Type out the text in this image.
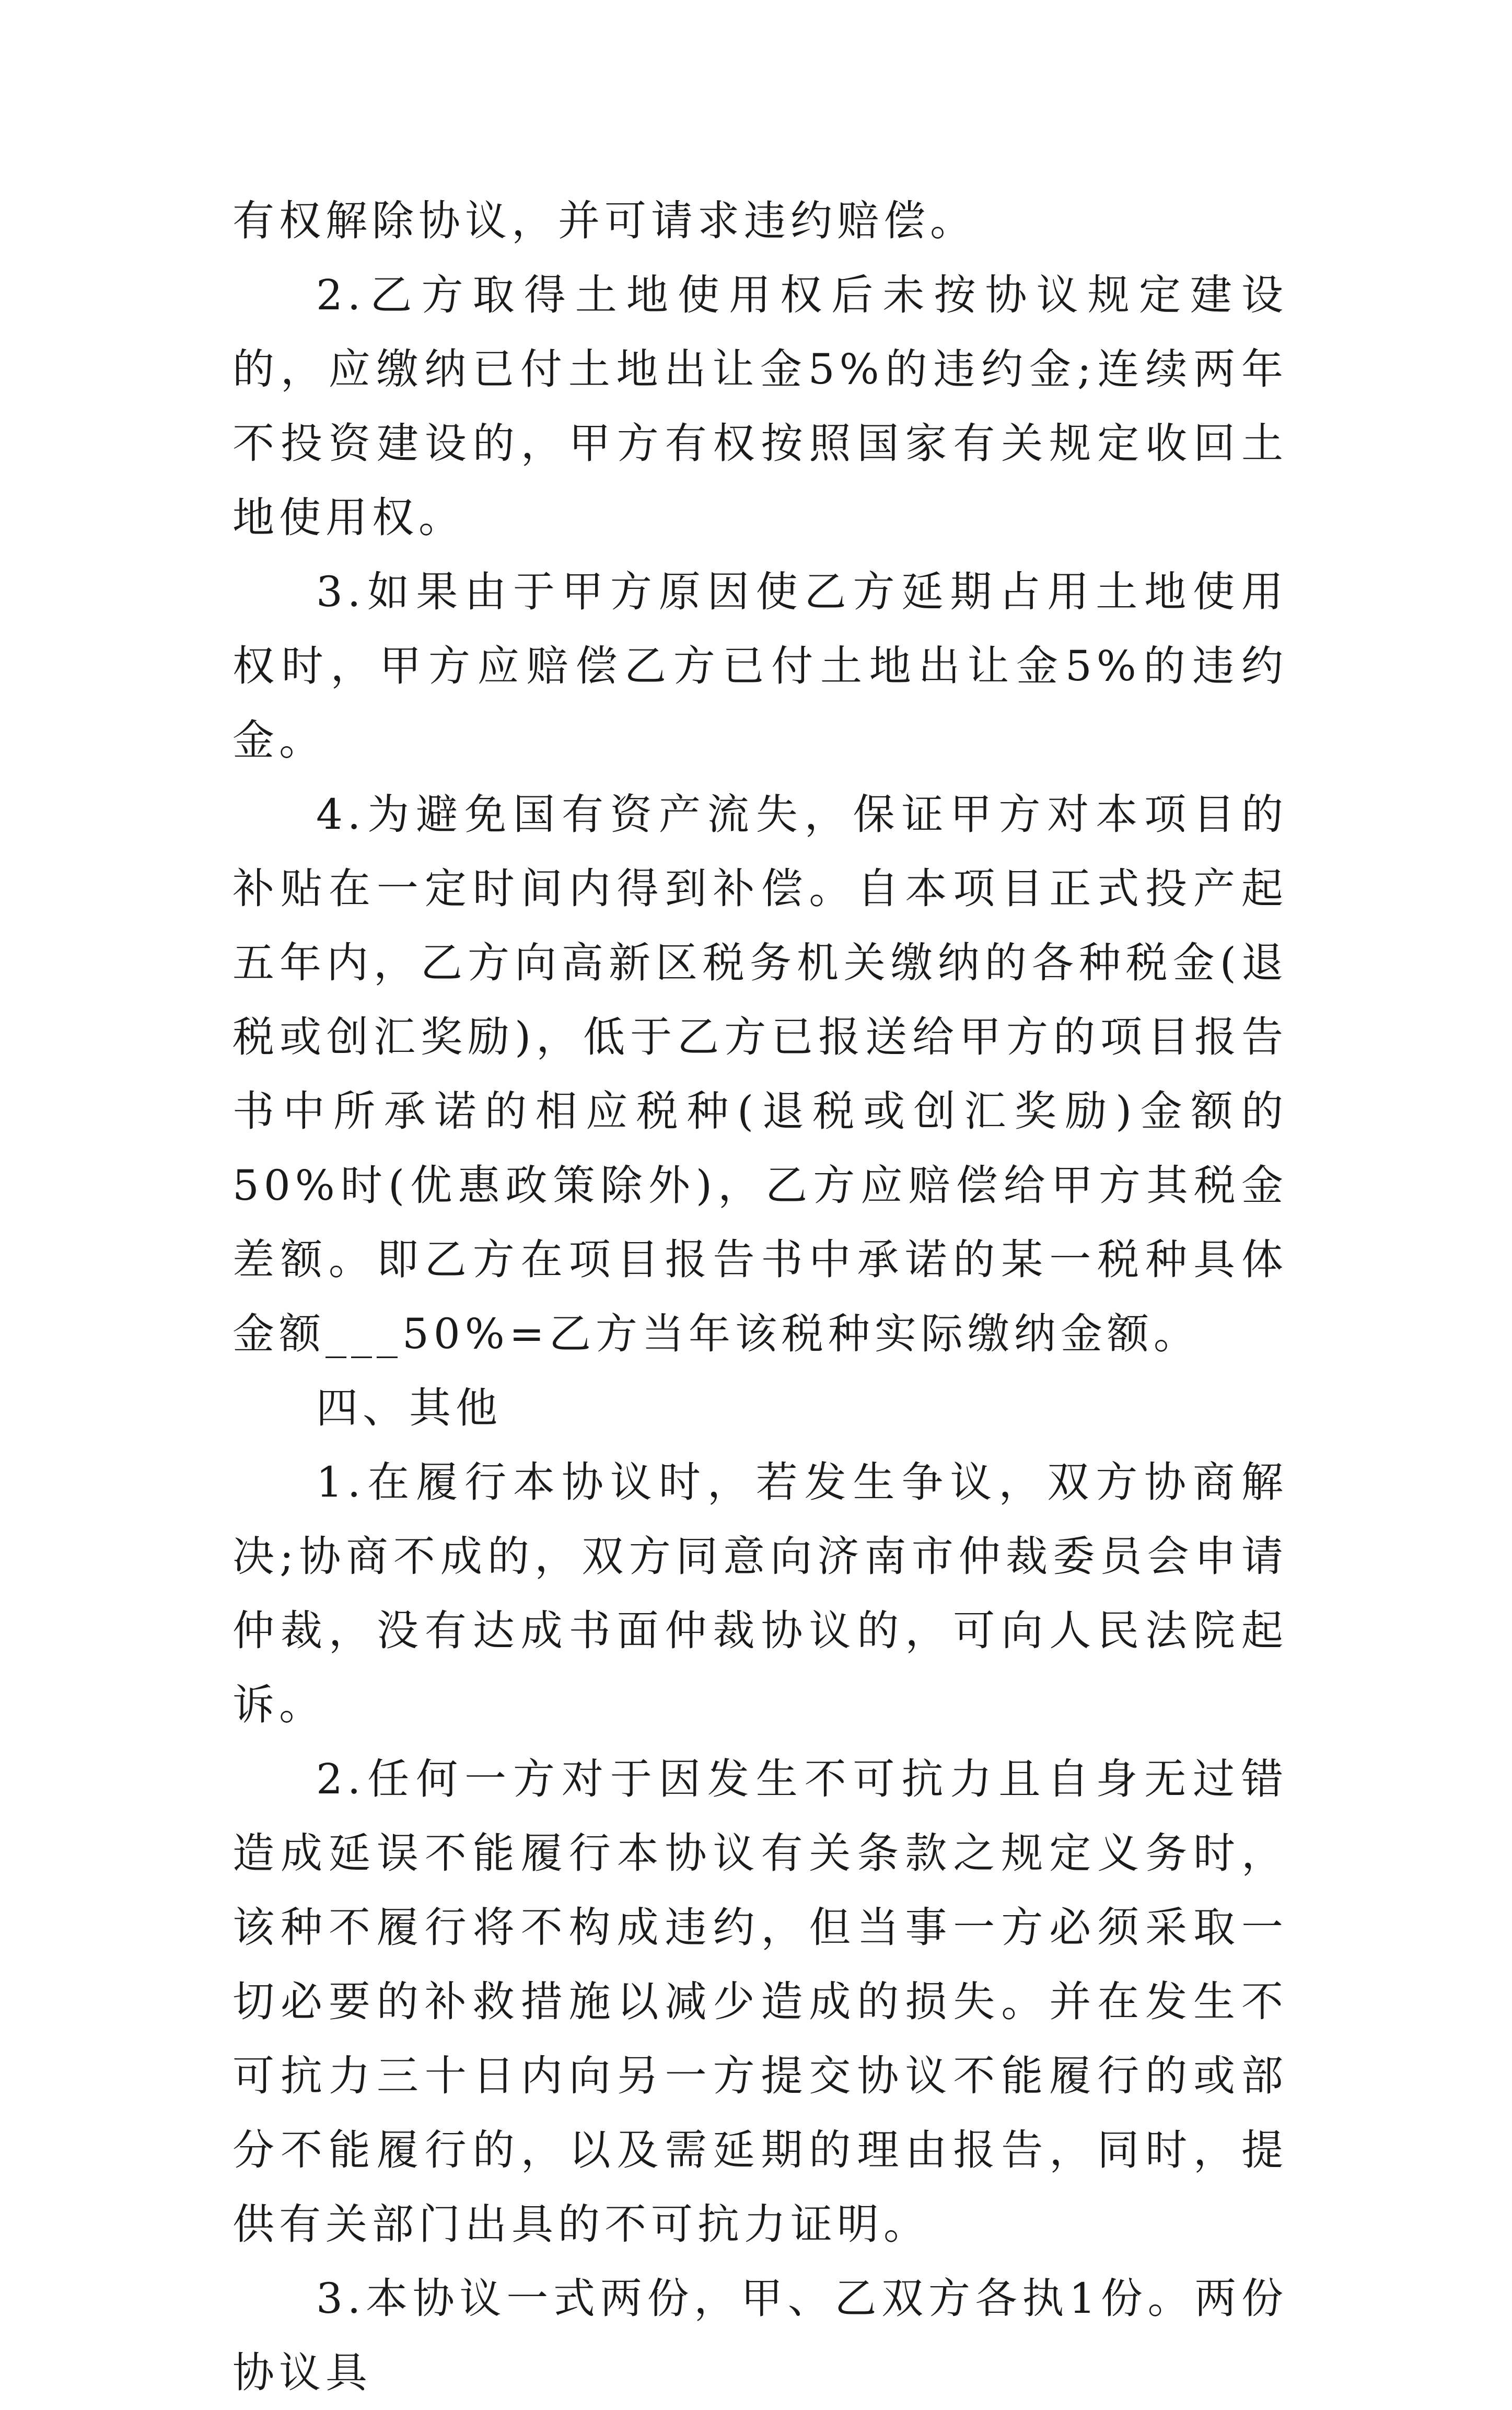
有权解除协议，并可请求违约赔偿。

2.乙方取得土地使用权后未按协议规定建设的，应缴纳已付土地出让金5%的违约金;连续两年不投资建设的，甲方有权按照国家有关规定收回土地使用权。

3.如果由于甲方原因使乙方延期占用土地使用权时，甲方应赔偿乙方已付土地出让金5%的违约金。

4.为避免国有资产流失，保证甲方对本项目的补贴在一定时间内得到补偿。自本项目正式投产起五年内，乙方向高新区税务机关缴纳的各种税金(退税或创汇奖励)，低于乙方已报送给甲方的项目报告书中所承诺的相应税种(退税或创汇奖励)金额的50%时(优惠政策除外)，乙方应赔偿给甲方其税金差额。即乙方在项目报告书中承诺的某一税种具体金额___50%=乙方当年该税种实际缴纳金额。

四、其他

1.在履行本协议时，若发生争议，双方协商解决;协商不成的，双方同意向济南市仲裁委员会申请仲裁，没有达成书面仲裁协议的，可向人民法院起诉。

2.任何一方对于因发生不可抗力且自身无过错造成延误不能履行本协议有关条款之规定义务时，该种不履行将不构成违约，但当事一方必须采取一切必要的补救措施以减少造成的损失。并在发生不可抗力三十日内向另一方提交协议不能履行的或部分不能履行的，以及需延期的理由报告，同时，提供有关部门出具的不可抗力证明。

3.本协议一式两份，甲、乙双方各执1份。两份协议具
